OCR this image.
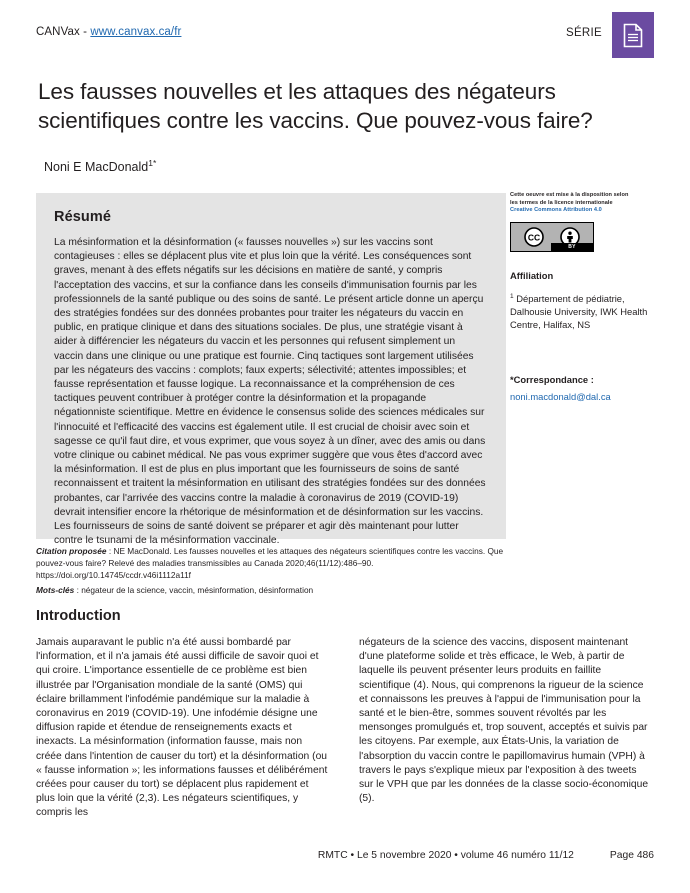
CANVax - www.canvax.ca/fr	SÉRIE
Les fausses nouvelles et les attaques des négateurs scientifiques contre les vaccins. Que pouvez-vous faire?
Noni E MacDonald$^{1*}$
Résumé

La mésinformation et la désinformation (« fausses nouvelles ») sur les vaccins sont contagieuses : elles se déplacent plus vite et plus loin que la vérité. Les conséquences sont graves, menant à des effets négatifs sur les décisions en matière de santé, y compris l'acceptation des vaccins, et sur la confiance dans les conseils d'immunisation fournis par les professionnels de la santé publique ou des soins de santé. Le présent article donne un aperçu des stratégies fondées sur des données probantes pour traiter les négateurs du vaccin en public, en pratique clinique et dans des situations sociales. De plus, une stratégie visant à aider à différencier les négateurs du vaccin et les personnes qui refusent simplement un vaccin dans une clinique ou une pratique est fournie. Cinq tactiques sont largement utilisées par les négateurs des vaccins : complots; faux experts; sélectivité; attentes impossibles; et fausse représentation et fausse logique. La reconnaissance et la compréhension de ces tactiques peuvent contribuer à protéger contre la désinformation et la propagande négationniste scientifique. Mettre en évidence le consensus solide des sciences médicales sur l'innocuité et l'efficacité des vaccins est également utile. Il est crucial de choisir avec soin et sagesse ce qu'il faut dire, et vous exprimer, que vous soyez à un dîner, avec des amis ou dans votre clinique ou cabinet médical. Ne pas vous exprimer suggère que vous êtes d'accord avec la mésinformation. Il est de plus en plus important que les fournisseurs de soins de santé reconnaissent et traitent la mésinformation en utilisant des stratégies fondées sur des données probantes, car l'arrivée des vaccins contre la maladie à coronavirus de 2019 (COVID-19) devrait intensifier encore la rhétorique de mésinformation et de désinformation sur les vaccins. Les fournisseurs de soins de santé doivent se préparer et agir dès maintenant pour lutter contre le tsunami de la mésinformation vaccinale.

Citation proposée : NE MacDonald. Les fausses nouvelles et les attaques des négateurs scientifiques contre les vaccins. Que pouvez-vous faire? Relevé des maladies transmissibles au Canada 2020;46(11/12):486–90.
https://doi.org/10.14745/ccdr.v46i1112a11f
Mots-clés : négateur de la science, vaccin, mésinformation, désinformation
Cette oeuvre est mise à la disposition selon
les termes de la licence internationale
Creative Commons Attribution 4.0
CC
BY
Affiliation
$^1$ Département de pédiatrie, Dalhousie University, IWK Health Centre, Halifax, NS
*Correspondance :
noni.macdonald@dal.ca
Introduction

Jamais auparavant le public n'a été aussi bombardé par l'information, et il n'a jamais été aussi difficile de savoir quoi et qui croire. L'importance essentielle de ce problème est bien illustrée par l'Organisation mondiale de la santé (OMS) qui éclaire brillamment l'infodémie pandémique sur la maladie à coronavirus en 2019 (COVID-19). Une infodémie désigne une diffusion rapide et étendue de renseignements exacts et inexacts. La mésinformation (information fausse, mais non créée dans l'intention de causer du tort) et la désinformation (ou « fausse information »; les informations fausses et délibérément créées pour causer du tort) se déplacent plus rapidement et plus loin que la vérité (2,3). Les négateurs scientifiques, y compris les

négateurs de la science des vaccins, disposent maintenant d'une plateforme solide et très efficace, le Web, à partir de laquelle ils peuvent présenter leurs produits en faillite scientifique (4). Nous, qui comprenons la rigueur de la science et connaissons les preuves à l'appui de l'immunisation pour la santé et le bien-être, sommes souvent révoltés par les mensonges promulgués et, trop souvent, acceptés et suivis par les citoyens. Par exemple, aux États-Unis, la variation de l'absorption du vaccin contre le papillomavirus humain (VPH) à travers le pays s'explique mieux par l'exposition à des tweets sur le VPH que par les données de la classe socio-économique (5).

RMTC • Le 5 novembre 2020 • volume 46 numéro 11/12	Page 486
